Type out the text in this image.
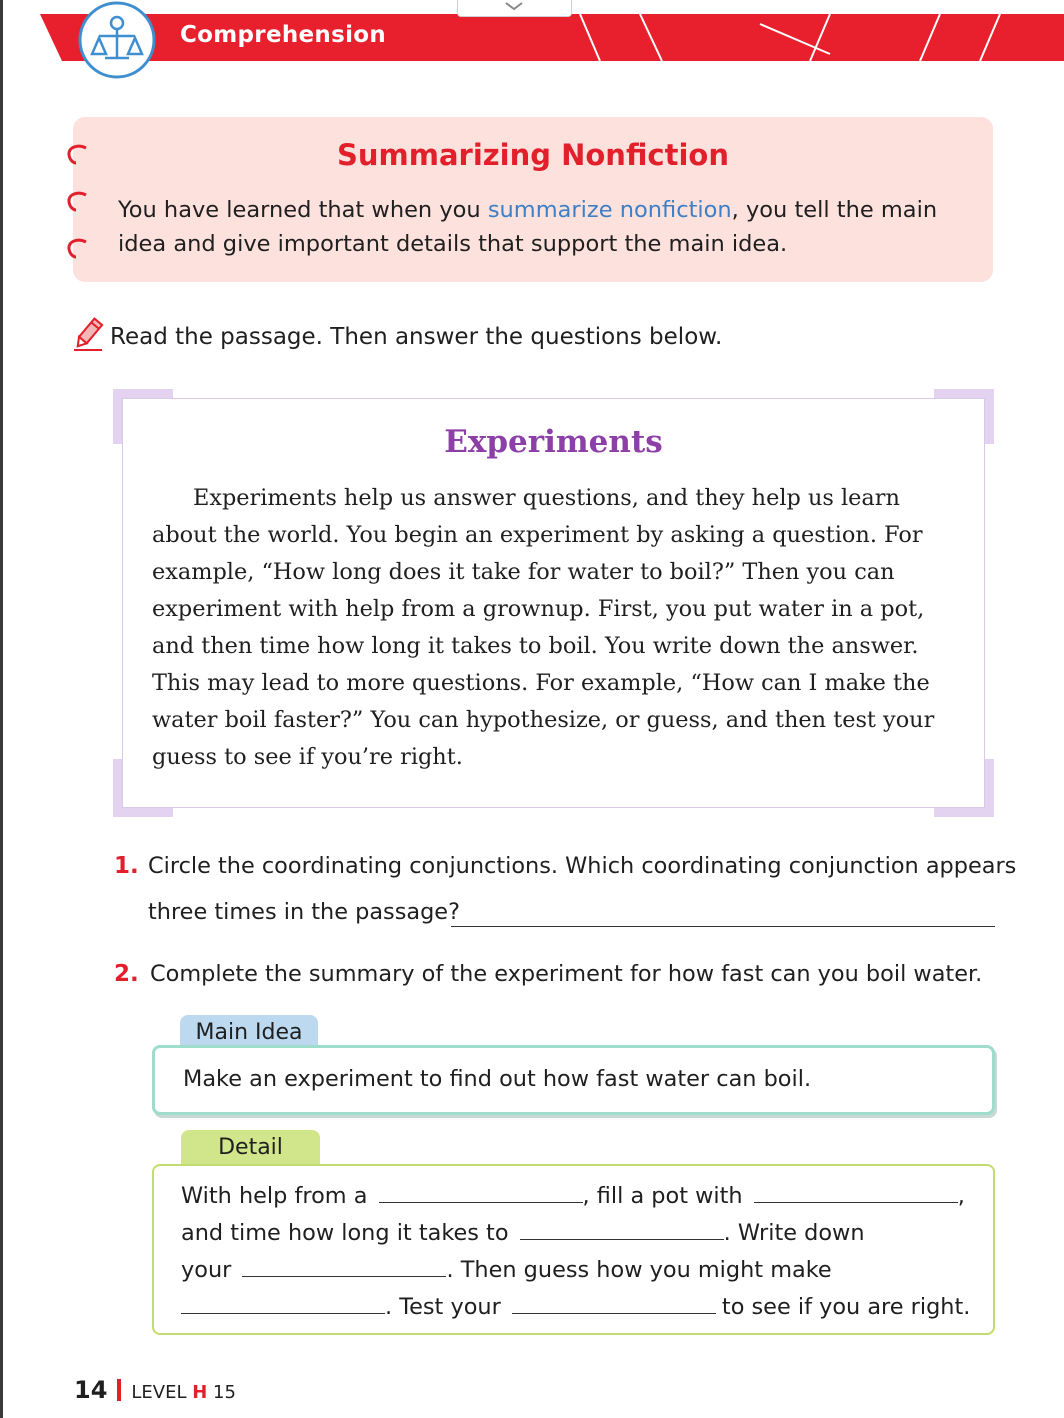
Comprehension
Summarizing Nonfiction
You have learned that when you summarize nonfiction, you tell the main
idea and give important details that support the main idea.
Read the passage. Then answer the questions below.
Experiments
Experiments help us answer questions, and they help us learn
about the world. You begin an experiment by asking a question. For
example, “How long does it take for water to boil?” Then you can
experiment with help from a grownup. First, you put water in a pot,
and then time how long it takes to boil. You write down the answer.
This may lead to more questions. For example, “How can I make the
water boil faster?” You can hypothesize, or guess, and then test your
guess to see if you’re right.
1. Circle the coordinating conjunctions. Which coordinating conjunction appears
three times in the passage?
2. Complete the summary of the experiment for how fast can you boil water.
Main Idea
Make an experiment to find out how fast water can boil.
Detail
With help from a	, fill a pot with	,
and time how long it takes to	. Write down
your	. Then guess how you might make
. Test your	to see if you are right.
14 LEVEL H 15
